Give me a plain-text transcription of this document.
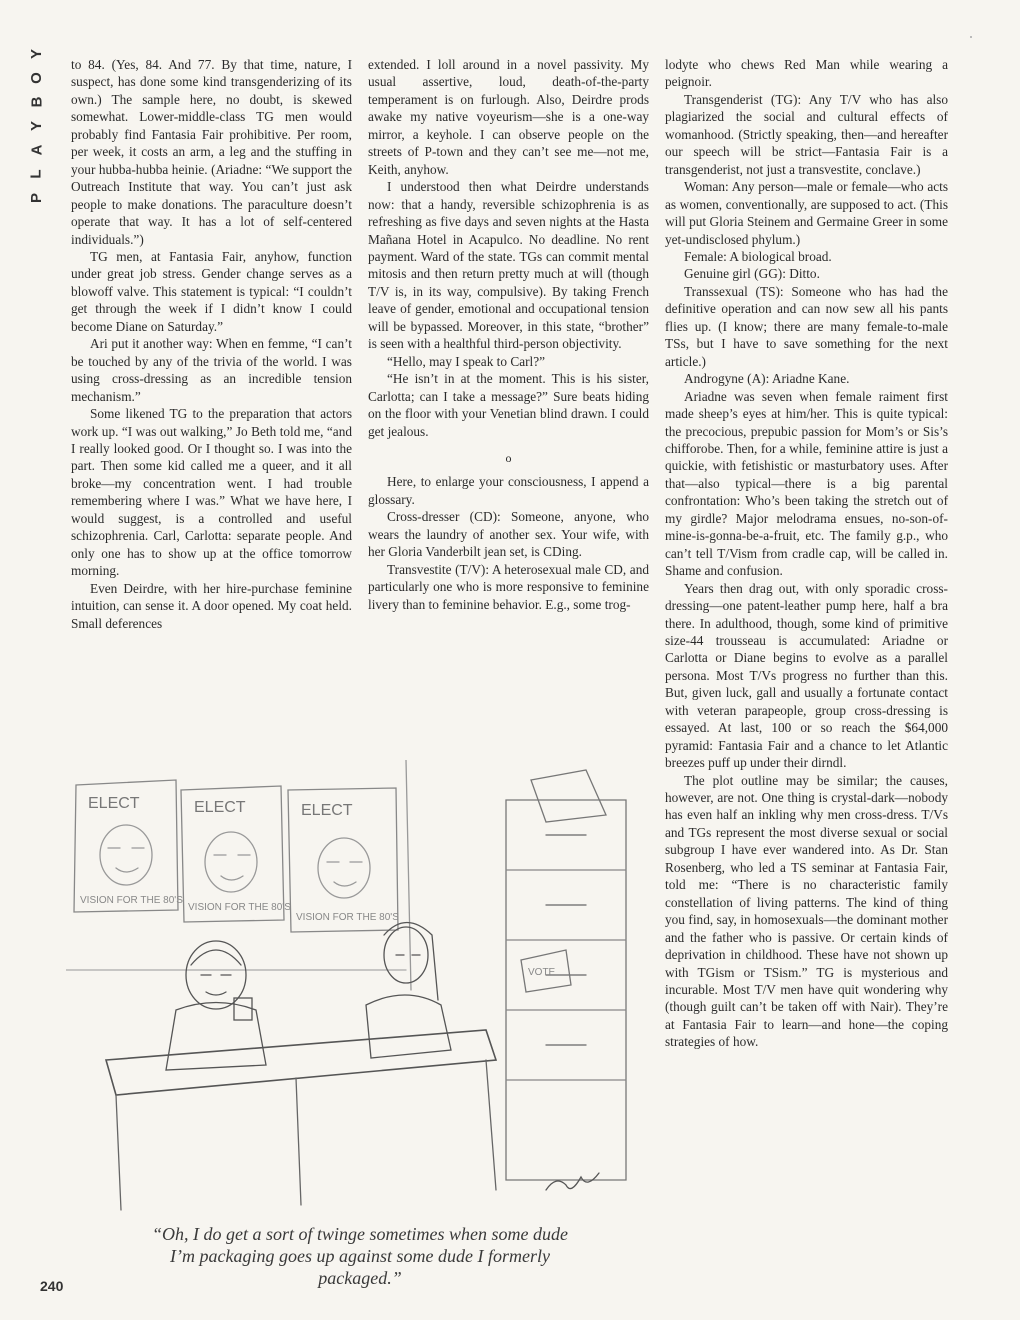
Y
O
B
Y
A
L
P

to 84. (Yes, 84. And 77. By that time, nature, I suspect, has done some kind transgenderizing of its own.) The sample here, no doubt, is skewed somewhat. Lower-middle-class TG men would probably find Fantasia Fair prohibitive. Per room, per week, it costs an arm, a leg and the stuffing in your hubba-hubba heinie. (Ariadne: “We support the Outreach Institute that way. You can’t just ask people to make donations. The paraculture doesn’t operate that way. It has a lot of self-centered individuals.”)

TG men, at Fantasia Fair, anyhow, function under great job stress. Gender change serves as a blowoff valve. This statement is typical: “I couldn’t get through the week if I didn’t know I could become Diane on Saturday.”

Ari put it another way: When en femme, “I can’t be touched by any of the trivia of the world. I was using cross-dressing as an incredible tension mechanism.”

Some likened TG to the preparation that actors work up. “I was out walking,” Jo Beth told me, “and I really looked good. Or I thought so. I was into the part. Then some kid called me a queer, and it all broke—my concentration went. I had trouble remembering where I was.” What we have here, I would suggest, is a controlled and useful schizophrenia. Carl, Carlotta: separate people. And only one has to show up at the office tomorrow morning.

Even Deirdre, with her hire-purchase feminine intuition, can sense it. A door opened. My coat held. Small deferences

extended. I loll around in a novel passivity. My usual assertive, loud, death-of-the-party temperament is on furlough. Also, Deirdre prods awake my native voyeurism—she is a one-way mirror, a keyhole. I can observe people on the streets of P-town and they can’t see me—not me, Keith, anyhow.

I understood then what Deirdre understands now: that a handy, reversible schizophrenia is as refreshing as five days and seven nights at the Hasta Mañana Hotel in Acapulco. No deadline. No rent payment. Ward of the state. TGs can commit mental mitosis and then return pretty much at will (though T/V is, in its way, compulsive). By taking French leave of gender, emotional and occupational tension will be bypassed. Moreover, in this state, “brother” is seen with a healthful third-person objectivity.

“Hello, may I speak to Carl?”

“He isn’t in at the moment. This is his sister, Carlotta; can I take a message?” Sure beats hiding on the floor with your Venetian blind drawn. I could get jealous.

o

Here, to enlarge your consciousness, I append a glossary.

Cross-dresser (CD): Someone, anyone, who wears the laundry of another sex. Your wife, with her Gloria Vanderbilt jean set, is CDing.

Transvestite (T/V): A heterosexual male CD, and particularly one who is more responsive to feminine livery than to feminine behavior. E.g., some trog-

lodyte who chews Red Man while wearing a peignoir.

Transgenderist (TG): Any T/V who has also plagiarized the social and cultural effects of womanhood. (Strictly speaking, then—and hereafter our speech will be strict—Fantasia Fair is a transgenderist, not just a transvestite, conclave.)

Woman: Any person—male or female—who acts as women, conventionally, are supposed to act. (This will put Gloria Steinem and Germaine Greer in some yet-undisclosed phylum.)

Female: A biological broad.

Genuine girl (GG): Ditto.

Transsexual (TS): Someone who has had the definitive operation and can now sew all his pants flies up. (I know; there are many female-to-male TSs, but I have to save something for the next article.)

Androgyne (A): Ariadne Kane.

Ariadne was seven when female raiment first made sheep’s eyes at him/her. This is quite typical: the precocious, prepubic passion for Mom’s or Sis’s chifforobe. Then, for a while, feminine attire is just a quickie, with fetishistic or masturbatory uses. After that—also typical—there is a big parental confrontation: Who’s been taking the stretch out of my girdle? Major melodrama ensues, no-son-of-mine-is-gonna-be-a-fruit, etc. The family g.p., who can’t tell T/Vism from cradle cap, will be called in. Shame and confusion.

Years then drag out, with only sporadic cross-dressing—one patent-leather pump here, half a bra there. In adulthood, though, some kind of primitive size-44 trousseau is accumulated: Ariadne or Carlotta or Diane begins to evolve as a parallel persona. Most T/Vs progress no further than this. But, given luck, gall and usually a fortunate contact with veteran parapeople, group cross-dressing is essayed. At last, 100 or so reach the $64,000 pyramid: Fantasia Fair and a chance to let Atlantic breezes puff up under their dirndl.

The plot outline may be similar; the causes, however, are not. One thing is crystal-dark—nobody has even half an inkling why men cross-dress. T/Vs and TGs represent the most diverse sexual or social subgroup I have ever wandered into. As Dr. Stan Rosenberg, who led a TS seminar at Fantasia Fair, told me: “There is no characteristic family constellation of living patterns. The kind of thing you find, say, in homosexuals—the dominant mother and the father who is passive. Or certain kinds of deprivation in childhood. These have not shown up with TGism or TSism.” TG is mysterious and incurable. Most T/V men have quit wondering why (though guilt can’t be taken off with Nair). They’re at Fantasia Fair to learn—and hone—the coping strategies of how.

ELECT	ELECT	ELECT
VISION FOR THE 80'S
VISION FOR THE 80'S
VISION FOR THE 80'S
VOTE
“Oh, I do get a sort of twinge sometimes when some dude I’m packaging goes up against some dude I formerly packaged.”
240
